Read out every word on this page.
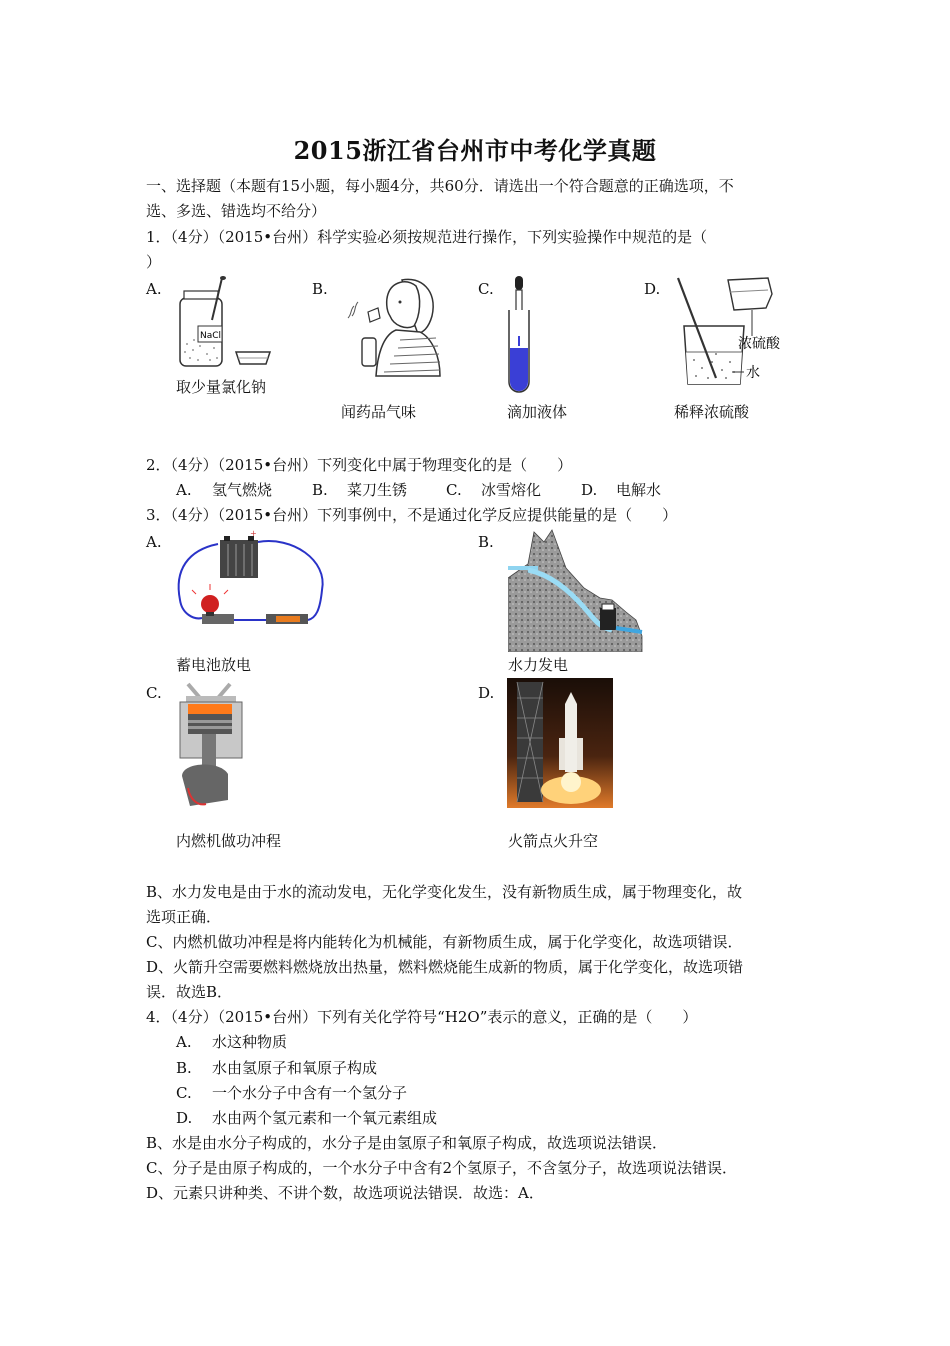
2015浙江省台州市中考化学真题
一、选择题（本题有15小题，每小题4分，共60分．请选出一个符合题意的正确选项，不
选、多选、错选均不给分）
1．（4分）（2015•台州）科学实验必须按规范进行操作，下列实验操作中规范的是（
）
A.	B.	C.	D.
NaCl
取少量氯化钠
闻药品气味	滴加液体
浓硫酸
水
稀释浓硫酸
2．（4分）（2015•台州）下列变化中属于物理变化的是（　　）
A. 氢气燃烧	B. 菜刀生锈	C. 冰雪熔化	D. 电解水
3．（4分）（2015•台州）下列事例中，不是通过化学反应提供能量的是（　　）
A.	B.
+
蓄电池放电	水力发电
C.	D.
内燃机做功冲程	火箭点火升空
B、水力发电是由于水的流动发电，无化学变化发生，没有新物质生成，属于物理变化，故
选项正确．
C、内燃机做功冲程是将内能转化为机械能，有新物质生成，属于化学变化，故选项错误．
D、火箭升空需要燃料燃烧放出热量，燃料燃烧能生成新的物质，属于化学变化，故选项错
误．故选B．
4．（4分）（2015•台州）下列有关化学符号“H2O”表示的意义，正确的是（　　）
A. 水这种物质
B. 水由氢原子和氧原子构成
C. 一个水分子中含有一个氢分子
D. 水由两个氢元素和一个氧元素组成
B、水是由水分子构成的，水分子是由氢原子和氧原子构成，故选项说法错误．
C、分子是由原子构成的，一个水分子中含有2个氢原子，不含氢分子，故选项说法错误．
D、元素只讲种类、不讲个数，故选项说法错误．故选：A．
